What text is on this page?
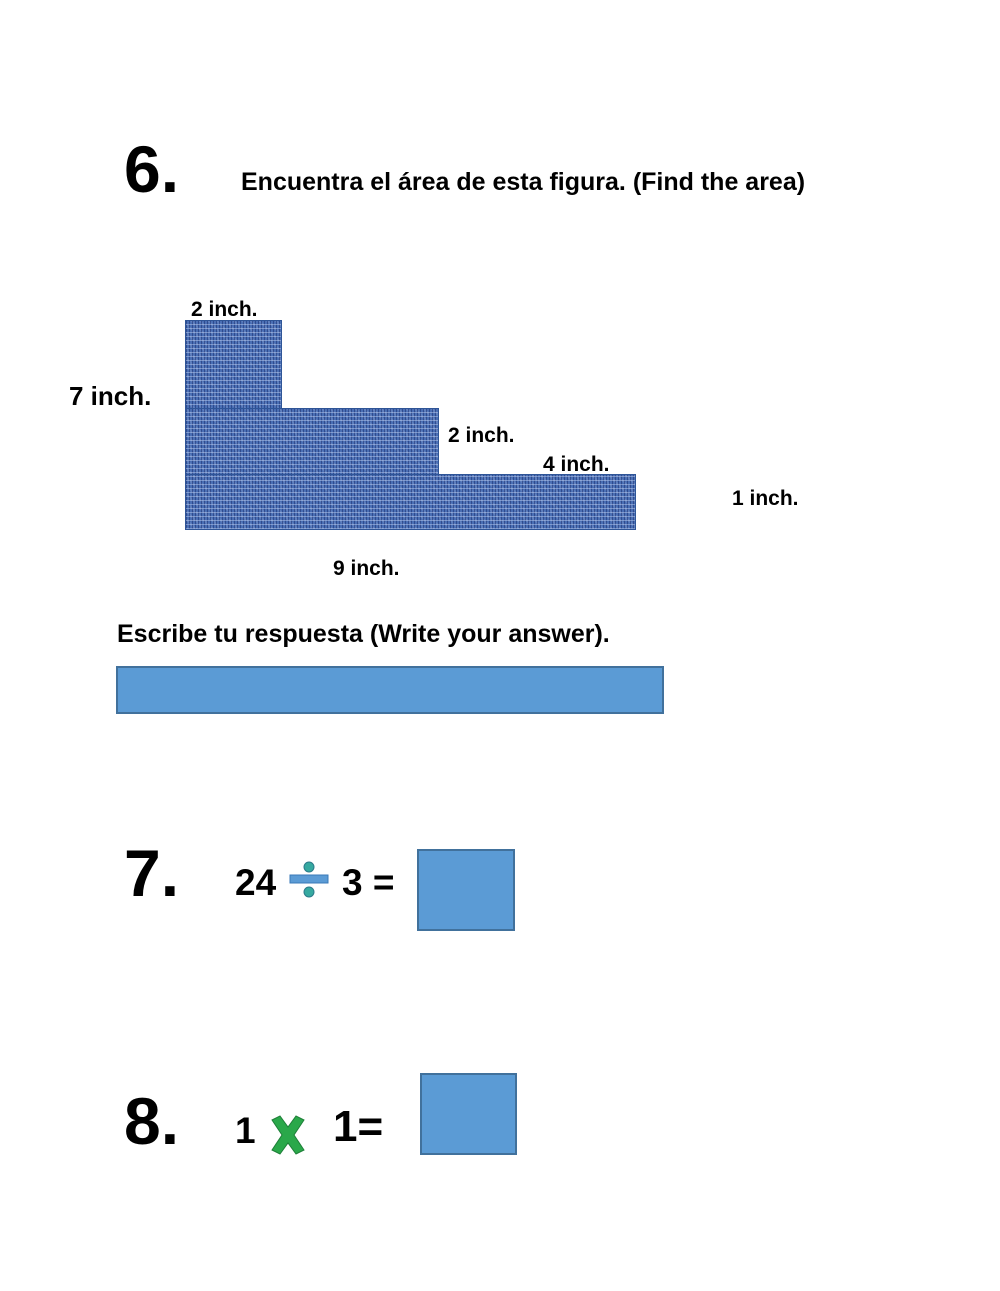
6. Encuentra el área de esta figura. (Find the area)
2 inch.
7 inch.
2 inch.
4 inch.
1 inch.
9 inch.
Escribe tu respuesta (Write your answer).
7. 24 3 =
8. 1 1=
